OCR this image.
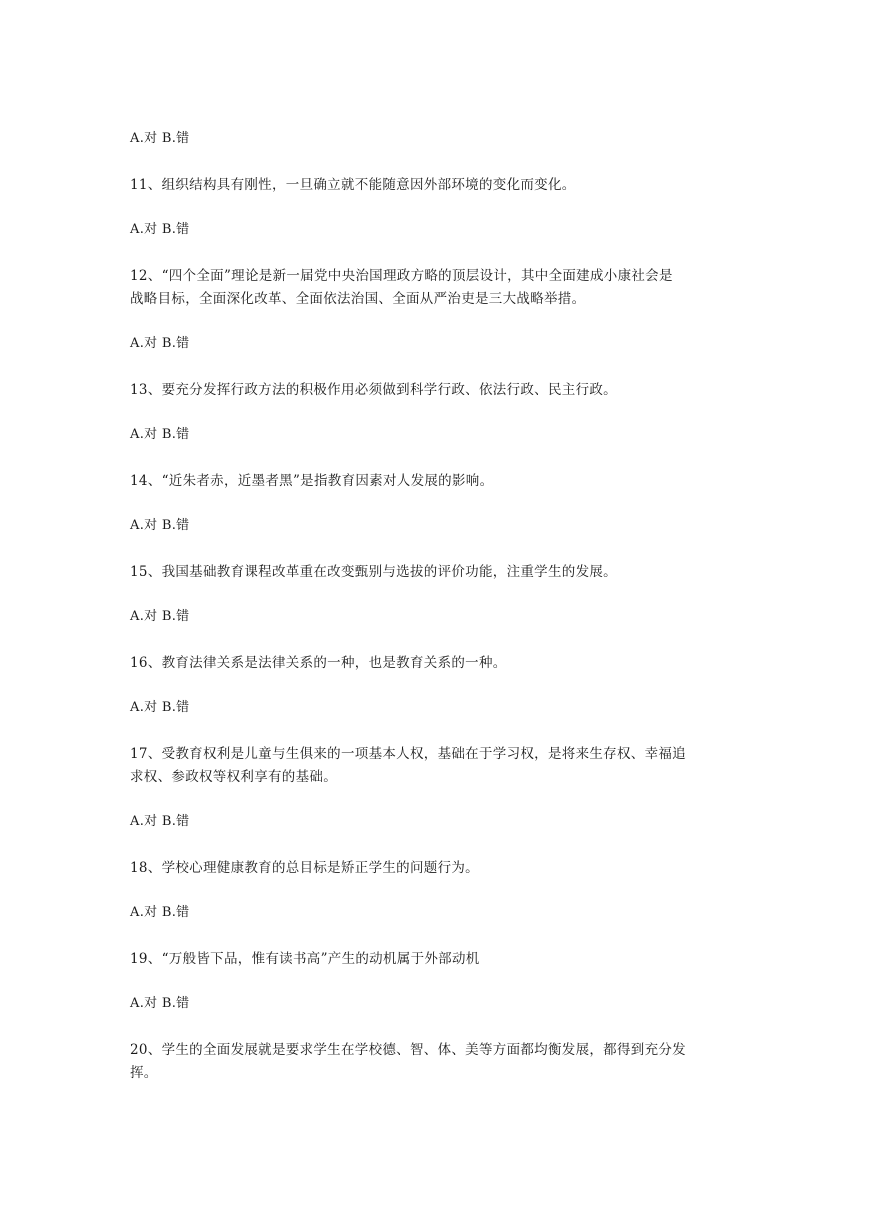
A.对 B.错
11、组织结构具有刚性，一旦确立就不能随意因外部环境的变化而变化。
A.对 B.错
12、“四个全面”理论是新一届党中央治国理政方略的顶层设计，其中全面建成小康社会是
战略目标，全面深化改革、全面依法治国、全面从严治吏是三大战略举措。
A.对 B.错
13、要充分发挥行政方法的积极作用必须做到科学行政、依法行政、民主行政。
A.对 B.错
14、“近朱者赤，近墨者黑”是指教育因素对人发展的影响。
A.对 B.错
15、我国基础教育课程改革重在改变甄别与选拔的评价功能，注重学生的发展。
A.对 B.错
16、教育法律关系是法律关系的一种，也是教育关系的一种。
A.对 B.错
17、受教育权利是儿童与生俱来的一项基本人权，基础在于学习权，是将来生存权、幸福追
求权、参政权等权利享有的基础。
A.对 B.错
18、学校心理健康教育的总目标是矫正学生的问题行为。
A.对 B.错
19、“万般皆下品，惟有读书高”产生的动机属于外部动机
A.对 B.错
20、学生的全面发展就是要求学生在学校德、智、体、美等方面都均衡发展，都得到充分发
挥。
